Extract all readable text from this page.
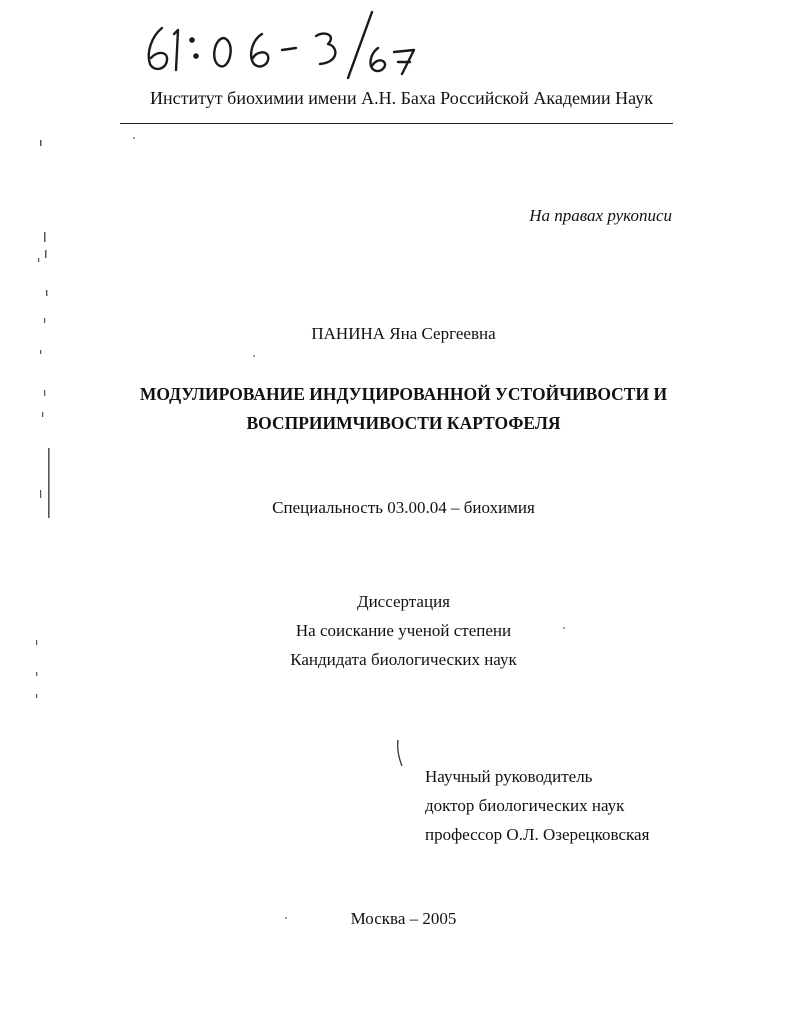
Институт биохимии имени А.Н. Баха Российской Академии Наук
На правах рукописи
ПАНИНА Яна Сергеевна
МОДУЛИРОВАНИЕ ИНДУЦИРОВАННОЙ УСТОЙЧИВОСТИ И
ВОСПРИИМЧИВОСТИ КАРТОФЕЛЯ
Специальность 03.00.04 – биохимия
Диссертация
На соискание ученой степени
Кандидата биологических наук
Научный руководитель
доктор биологических наук
профессор О.Л. Озерецковская
Москва – 2005
